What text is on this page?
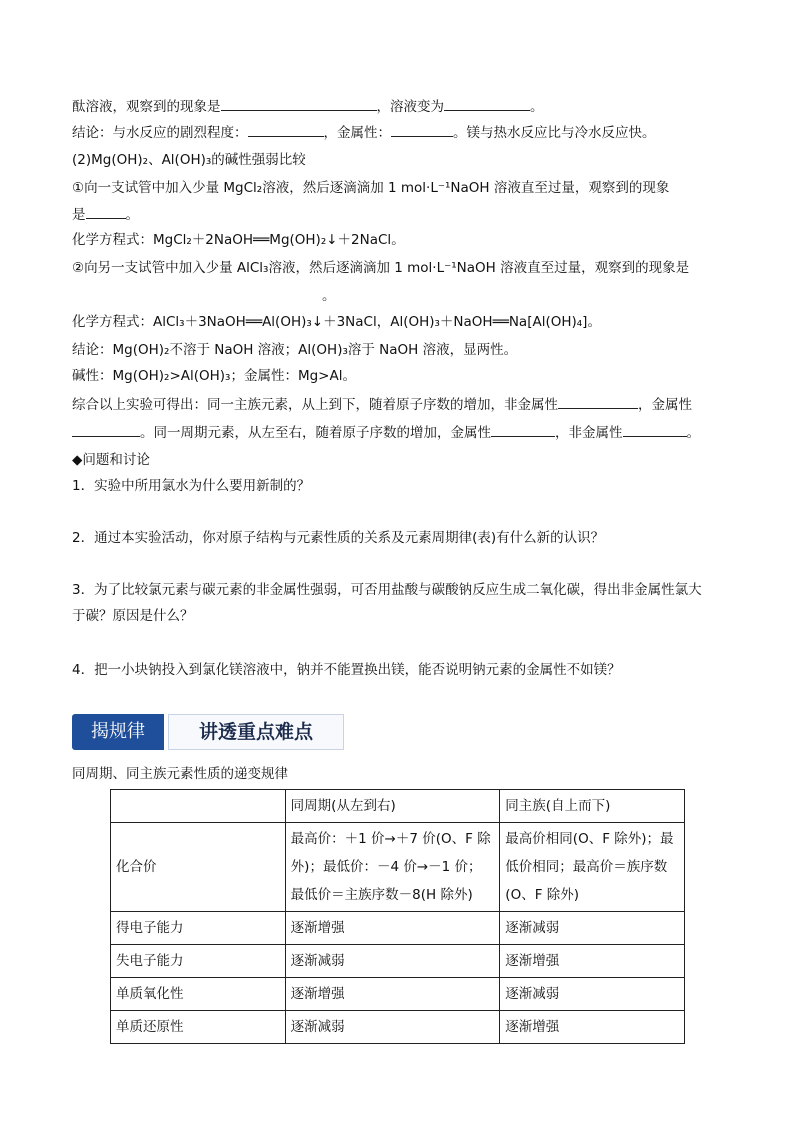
酞溶液，观察到的现象是	，溶液变为	。
结论：与水反应的剧烈程度：	，金属性：	。镁与热水反应比与冷水反应快。
(2)Mg(OH)₂、Al(OH)₃的碱性强弱比较
①向一支试管中加入少量 MgCl₂溶液，然后逐滴滴加 1 mol·L⁻¹NaOH 溶液直至过量，观察到的现象
是	。
化学方程式：MgCl₂＋2NaOH══Mg(OH)₂↓＋2NaCl。
②向另一支试管中加入少量 AlCl₃溶液，然后逐滴滴加 1 mol·L⁻¹NaOH 溶液直至过量，观察到的现象是
。
化学方程式：AlCl₃＋3NaOH══Al(OH)₃↓＋3NaCl，Al(OH)₃＋NaOH══Na[Al(OH)₄]。
结论：Mg(OH)₂不溶于 NaOH 溶液；Al(OH)₃溶于 NaOH 溶液，显两性。
碱性：Mg(OH)₂>Al(OH)₃；金属性：Mg>Al。
综合以上实验可得出：同一主族元素，从上到下，随着原子序数的增加，非金属性	，金属性
。同一周期元素，从左至右，随着原子序数的增加，金属性	，非金属性	。
◆问题和讨论
1．实验中所用氯水为什么要用新制的？
2．通过本实验活动，你对原子结构与元素性质的关系及元素周期律(表)有什么新的认识？
3．为了比较氯元素与碳元素的非金属性强弱，可否用盐酸与碳酸钠反应生成二氧化碳，得出非金属性氯大
于碳？原因是什么？
4．把一小块钠投入到氯化镁溶液中，钠并不能置换出镁，能否说明钠元素的金属性不如镁？
揭规律	讲透重点难点
同周期、同主族元素性质的递变规律
	同周期(从左到右)	同主族(自上而下)
化合价	最高价：＋1 价→＋7 价(O、F 除外)；最低价：－4 价→－1 价；最低价＝主族序数－8(H 除外)	最高价相同(O、F 除外)；最低价相同；最高价＝族序数(O、F 除外)
得电子能力	逐渐增强	逐渐减弱
失电子能力	逐渐减弱	逐渐增强
单质氧化性	逐渐增强	逐渐减弱
单质还原性	逐渐减弱	逐渐增强
